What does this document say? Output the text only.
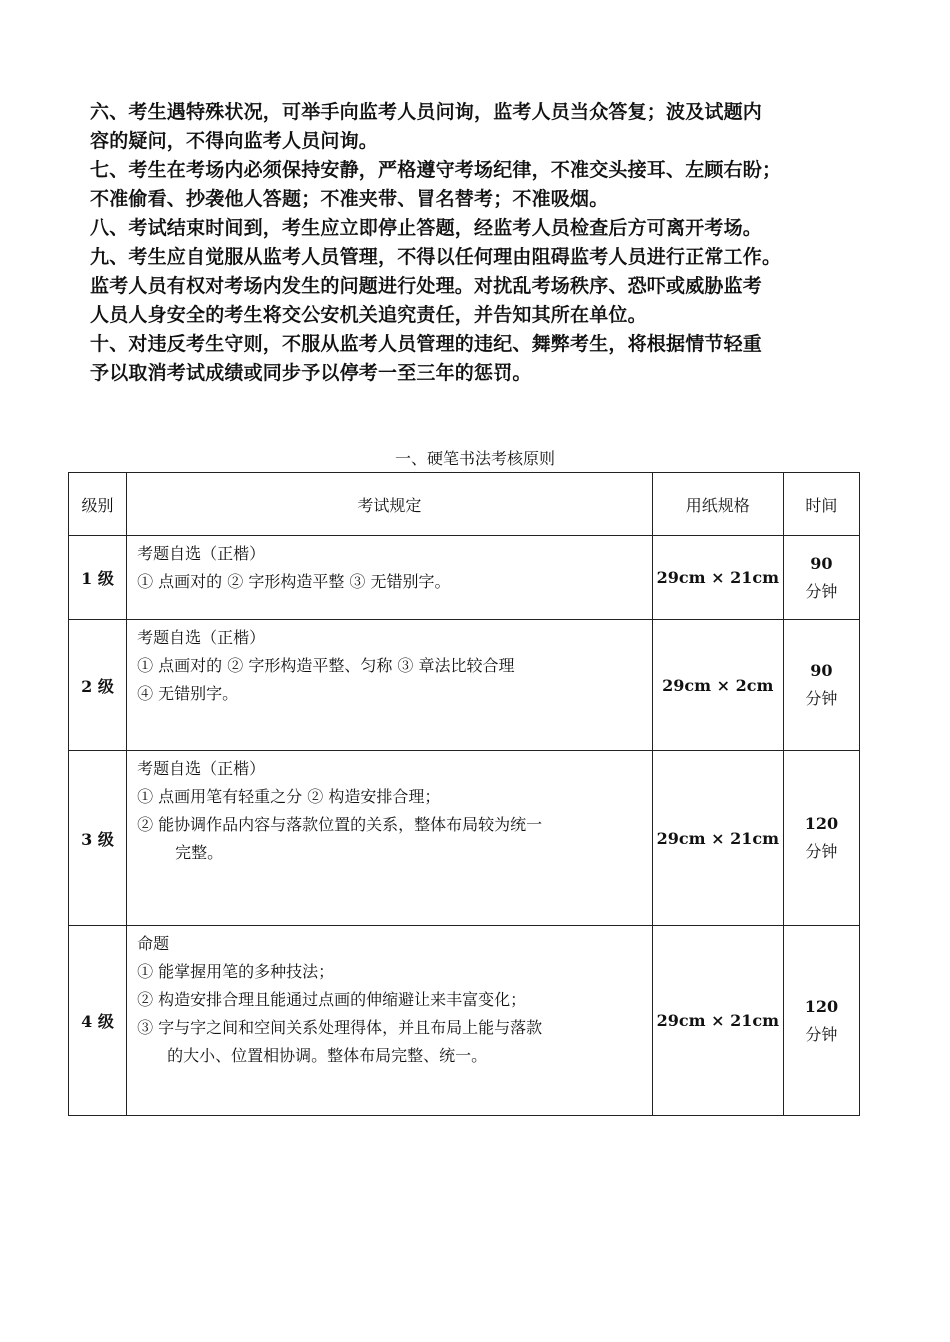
六、考生遇特殊状况，可举手向监考人员问询，监考人员当众答复；波及试题内
容的疑问，不得向监考人员问询。
七、考生在考场内必须保持安静，严格遵守考场纪律，不准交头接耳、左顾右盼；
不准偷看、抄袭他人答题；不准夹带、冒名替考；不准吸烟。
八、考试结束时间到，考生应立即停止答题，经监考人员检查后方可离开考场。
九、考生应自觉服从监考人员管理，不得以任何理由阻碍监考人员进行正常工作。
监考人员有权对考场内发生的问题进行处理。对扰乱考场秩序、恐吓或威胁监考
人员人身安全的考生将交公安机关追究责任，并告知其所在单位。
十、对违反考生守则，不服从监考人员管理的违纪、舞弊考生，将根据情节轻重
予以取消考试成绩或同步予以停考一至三年的惩罚。
一、硬笔书法考核原则
级别	考试规定	用纸规格	时间
1 级	考题自选（正楷）
① 点画对的 ② 字形构造平整 ③ 无错别字。	29cm × 21cm	90
分钟
2 级	考题自选（正楷）
① 点画对的 ② 字形构造平整、匀称 ③ 章法比较合理
④ 无错别字。	29cm × 2cm	90
分钟
3 级	考题自选（正楷）
① 点画用笔有轻重之分 ② 构造安排合理；
② 能协调作品内容与落款位置的关系，整体布局较为统一
完整。	29cm × 21cm	120
分钟
4 级	命题
① 能掌握用笔的多种技法；
② 构造安排合理且能通过点画的伸缩避让来丰富变化；
③ 字与字之间和空间关系处理得体，并且布局上能与落款
的大小、位置相协调。整体布局完整、统一。	29cm × 21cm	120
分钟
